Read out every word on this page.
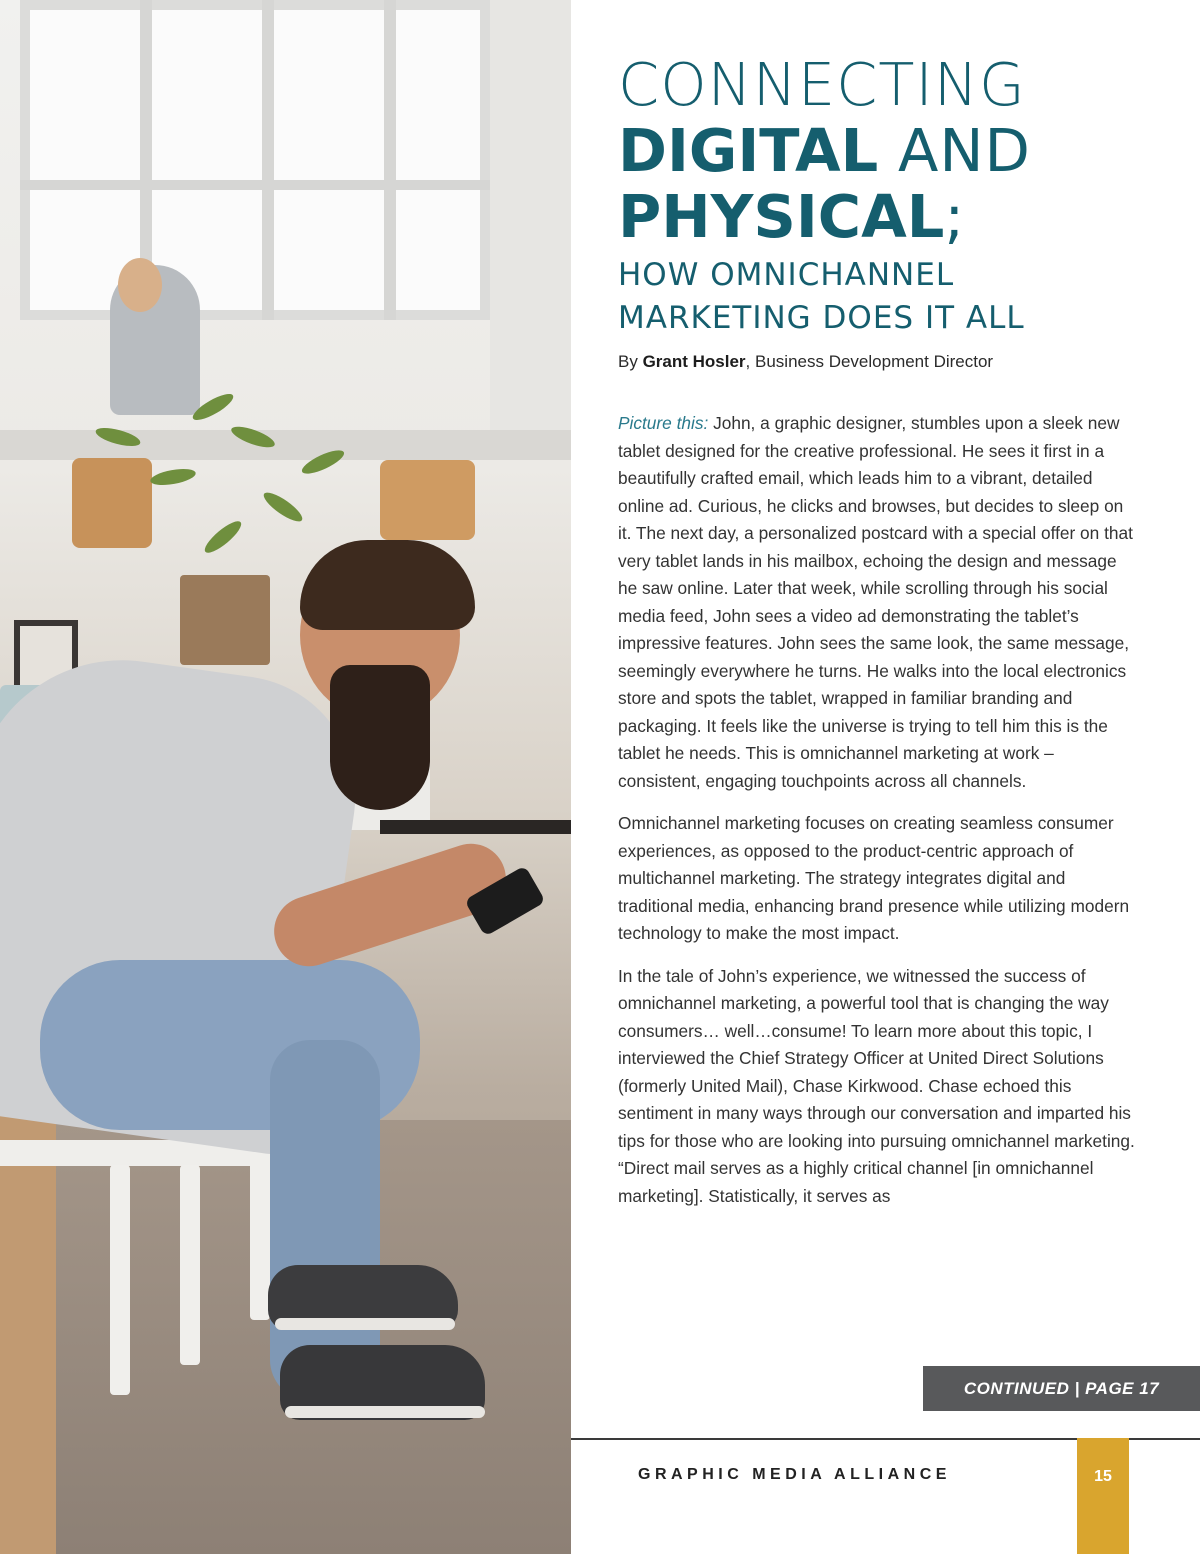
CONNECTING
DIGITAL AND
PHYSICAL;
HOW OMNICHANNEL
MARKETING DOES IT ALL
By Grant Hosler, Business Development Director

Picture this: John, a graphic designer, stumbles upon a sleek new tablet designed for the creative professional. He sees it first in a beautifully crafted email, which leads him to a vibrant, detailed online ad. Curious, he clicks and browses, but decides to sleep on it. The next day, a personalized postcard with a special offer on that very tablet lands in his mailbox, echoing the design and message he saw online. Later that week, while scrolling through his social media feed, John sees a video ad demonstrating the tablet’s impressive features. John sees the same look, the same message, seemingly everywhere he turns. He walks into the local electronics store and spots the tablet, wrapped in familiar branding and packaging. It feels like the universe is trying to tell him this is the tablet he needs. This is omnichannel marketing at work – consistent, engaging touchpoints across all channels.

Omnichannel marketing focuses on creating seamless consumer experiences, as opposed to the product-centric approach of multichannel marketing. The strategy integrates digital and traditional media, enhancing brand presence while utilizing modern technology to make the most impact.

In the tale of John’s experience, we witnessed the success of omnichannel marketing, a powerful tool that is changing the way consumers… well…consume! To learn more about this topic, I interviewed the Chief Strategy Officer at United Direct Solutions (formerly United Mail), Chase Kirkwood. Chase echoed this sentiment in many ways through our conversation and imparted his tips for those who are looking into pursuing omnichannel marketing. “Direct mail serves as a highly critical channel [in omnichannel marketing]. Statistically, it serves as

CONTINUED | PAGE 17
GRAPHIC MEDIA ALLIANCE	15
